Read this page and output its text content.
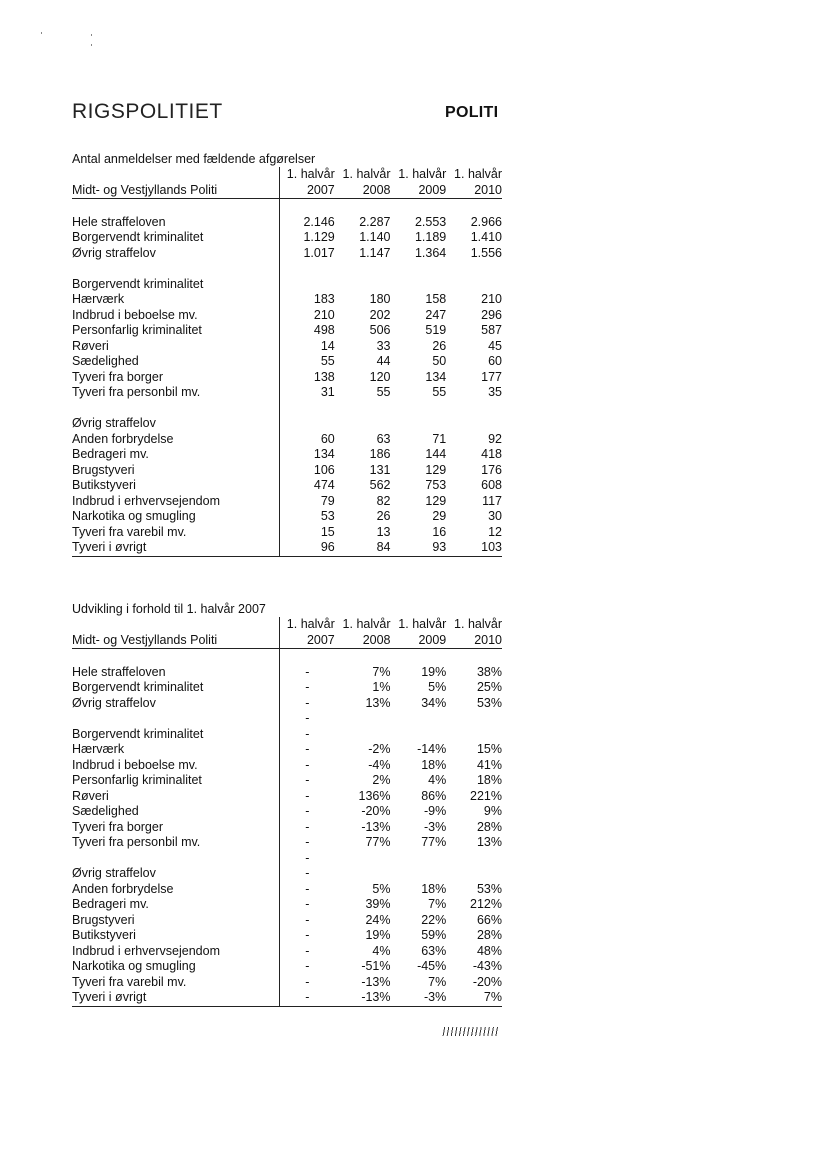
RIGSPOLITIET	POLITI
Antal anmeldelser med fældende afgørelser
1. halvår 1. halvår 1. halvår 1. halvår
Midt- og Vestjyllands Politi	2007	2008	2009	2010
Hele straffeloven	2.146	2.287	2.553	2.966
Borgervendt kriminalitet	1.129	1.140	1.189	1.410
Øvrig straffelov	1.017	1.147	1.364	1.556
Borgervendt kriminalitet
Hærværk	183	180	158	210
Indbrud i beboelse mv.	210	202	247	296
Personfarlig kriminalitet	498	506	519	587
Røveri	14	33	26	45
Sædelighed	55	44	50	60
Tyveri fra borger	138	120	134	177
Tyveri fra personbil mv.	31	55	55	35
Øvrig straffelov
Anden forbrydelse	60	63	71	92
Bedrageri mv.	134	186	144	418
Brugstyveri	106	131	129	176
Butikstyveri	474	562	753	608
Indbrud i erhvervsejendom	79	82	129	117
Narkotika og smugling	53	26	29	30
Tyveri fra varebil mv.	15	13	16	12
Tyveri i øvrigt	96	84	93	103
Udvikling i forhold til 1. halvår 2007
1. halvår 1. halvår 1. halvår 1. halvår
Midt- og Vestjyllands Politi	2007	2008	2009	2010
Hele straffeloven	-	7%	19%	38%
Borgervendt kriminalitet	-	1%	5%	25%
Øvrig straffelov	-	13%	34%	53%
-
Borgervendt kriminalitet	-
Hærværk	-	-2%	-14%	15%
Indbrud i beboelse mv.	-	-4%	18%	41%
Personfarlig kriminalitet	-	2%	4%	18%
Røveri	-	136%	86%	221%
Sædelighed	-	-20%	-9%	9%
Tyveri fra borger	-	-13%	-3%	28%
Tyveri fra personbil mv.	-	77%	77%	13%
-
Øvrig straffelov	-
Anden forbrydelse	-	5%	18%	53%
Bedrageri mv.	-	39%	7%	212%
Brugstyveri	-	24%	22%	66%
Butikstyveri	-	19%	59%	28%
Indbrud i erhvervsejendom	-	4%	63%	48%
Narkotika og smugling	-	-51%	-45%	-43%
Tyveri fra varebil mv.	-	-13%	7%	-20%
Tyveri i øvrigt	-	-13%	-3%	7%
